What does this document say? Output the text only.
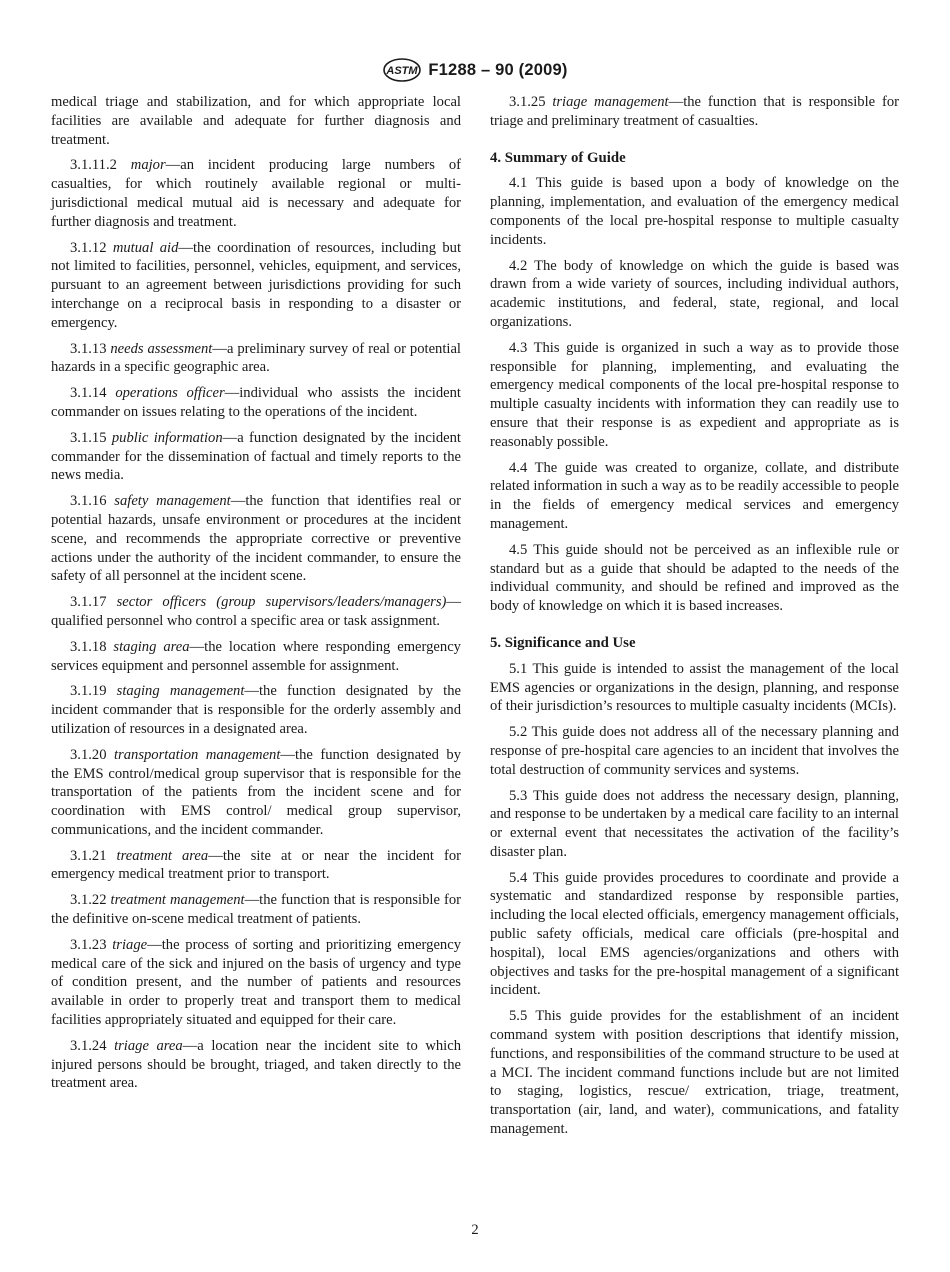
ASTM F1288 – 90 (2009)

medical triage and stabilization, and for which appropriate local facilities are available and adequate for further diagnosis and treatment.

3.1.11.2 major—an incident producing large numbers of casualties, for which routinely available regional or multi-jurisdictional medical mutual aid is necessary and adequate for further diagnosis and treatment.

3.1.12 mutual aid—the coordination of resources, including but not limited to facilities, personnel, vehicles, equipment, and services, pursuant to an agreement between jurisdictions providing for such interchange on a reciprocal basis in responding to a disaster or emergency.

3.1.13 needs assessment—a preliminary survey of real or potential hazards in a specific geographic area.

3.1.14 operations officer—individual who assists the incident commander on issues relating to the operations of the incident.

3.1.15 public information—a function designated by the incident commander for the dissemination of factual and timely reports to the news media.

3.1.16 safety management—the function that identifies real or potential hazards, unsafe environment or procedures at the incident scene, and recommends the appropriate corrective or preventive actions under the authority of the incident commander, to ensure the safety of all personnel at the incident scene.

3.1.17 sector officers (group supervisors/leaders/managers)—qualified personnel who control a specific area or task assignment.

3.1.18 staging area—the location where responding emergency services equipment and personnel assemble for assignment.

3.1.19 staging management—the function designated by the incident commander that is responsible for the orderly assembly and utilization of resources in a designated area.

3.1.20 transportation management—the function designated by the EMS control/medical group supervisor that is responsible for the transportation of the patients from the incident scene and for coordination with EMS control/ medical group supervisor, communications, and the incident commander.

3.1.21 treatment area—the site at or near the incident for emergency medical treatment prior to transport.

3.1.22 treatment management—the function that is responsible for the definitive on-scene medical treatment of patients.

3.1.23 triage—the process of sorting and prioritizing emergency medical care of the sick and injured on the basis of urgency and type of condition present, and the number of patients and resources available in order to properly treat and transport them to medical facilities appropriately situated and equipped for their care.

3.1.24 triage area—a location near the incident site to which injured persons should be brought, triaged, and taken directly to the treatment area.

3.1.25 triage management—the function that is responsible for triage and preliminary treatment of casualties.

4. Summary of Guide

4.1 This guide is based upon a body of knowledge on the planning, implementation, and evaluation of the emergency medical components of the local pre-hospital response to multiple casualty incidents.

4.2 The body of knowledge on which the guide is based was drawn from a wide variety of sources, including individual authors, academic institutions, and federal, state, regional, and local organizations.

4.3 This guide is organized in such a way as to provide those responsible for planning, implementing, and evaluating the emergency medical components of the local pre-hospital response to multiple casualty incidents with information they can readily use to ensure that their response is as expedient and appropriate as is reasonably possible.

4.4 The guide was created to organize, collate, and distribute related information in such a way as to be readily accessible to people in the fields of emergency medical services and emergency management.

4.5 This guide should not be perceived as an inflexible rule or standard but as a guide that should be adapted to the needs of the individual community, and should be refined and improved as the body of knowledge on which it is based increases.

5. Significance and Use

5.1 This guide is intended to assist the management of the local EMS agencies or organizations in the design, planning, and response of their jurisdiction’s resources to multiple casualty incidents (MCIs).

5.2 This guide does not address all of the necessary planning and response of pre-hospital care agencies to an incident that involves the total destruction of community services and systems.

5.3 This guide does not address the necessary design, planning, and response to be undertaken by a medical care facility to an internal or external event that necessitates the activation of the facility’s disaster plan.

5.4 This guide provides procedures to coordinate and provide a systematic and standardized response by responsible parties, including the local elected officials, emergency management officials, public safety officials, medical care officials (pre-hospital and hospital), local EMS agencies/organizations and others with objectives and tasks for the pre-hospital management of a significant incident.

5.5 This guide provides for the establishment of an incident command system with position descriptions that identify mission, functions, and responsibilities of the command structure to be used at a MCI. The incident command functions include but are not limited to staging, logistics, rescue/ extrication, triage, treatment, transportation (air, land, and water), communications, and fatality management.

2
